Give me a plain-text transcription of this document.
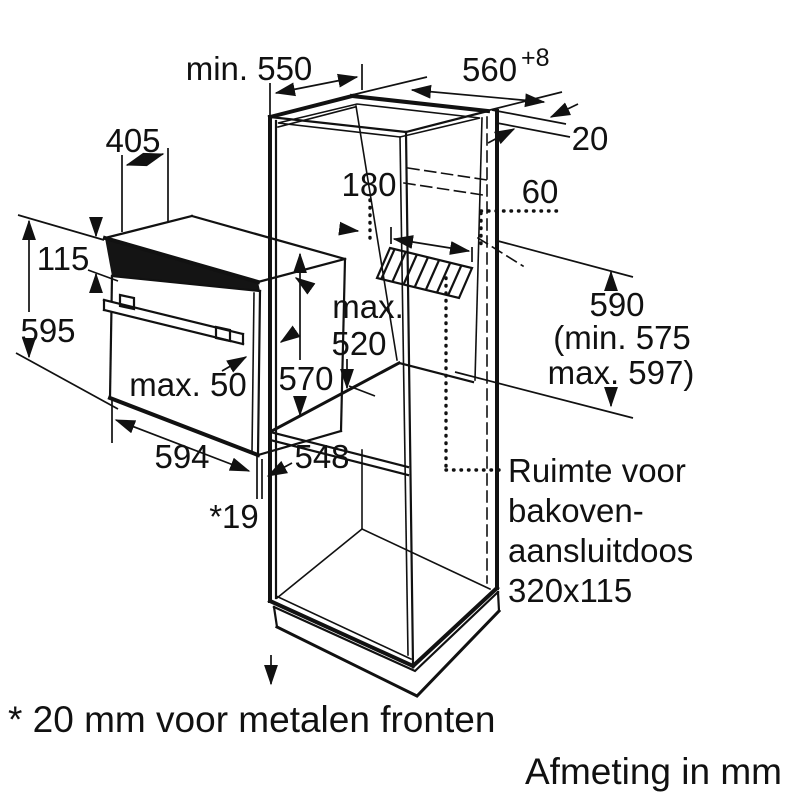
min. 550	560 +8
20
60
180
405
115
595
max. 50 570
max.
520
594	548
*19
590
(min. 575
max. 597)
Ruimte voor
bakoven-
aansluitdoos
320x115
* 20 mm voor metalen fronten
Afmeting in mm
